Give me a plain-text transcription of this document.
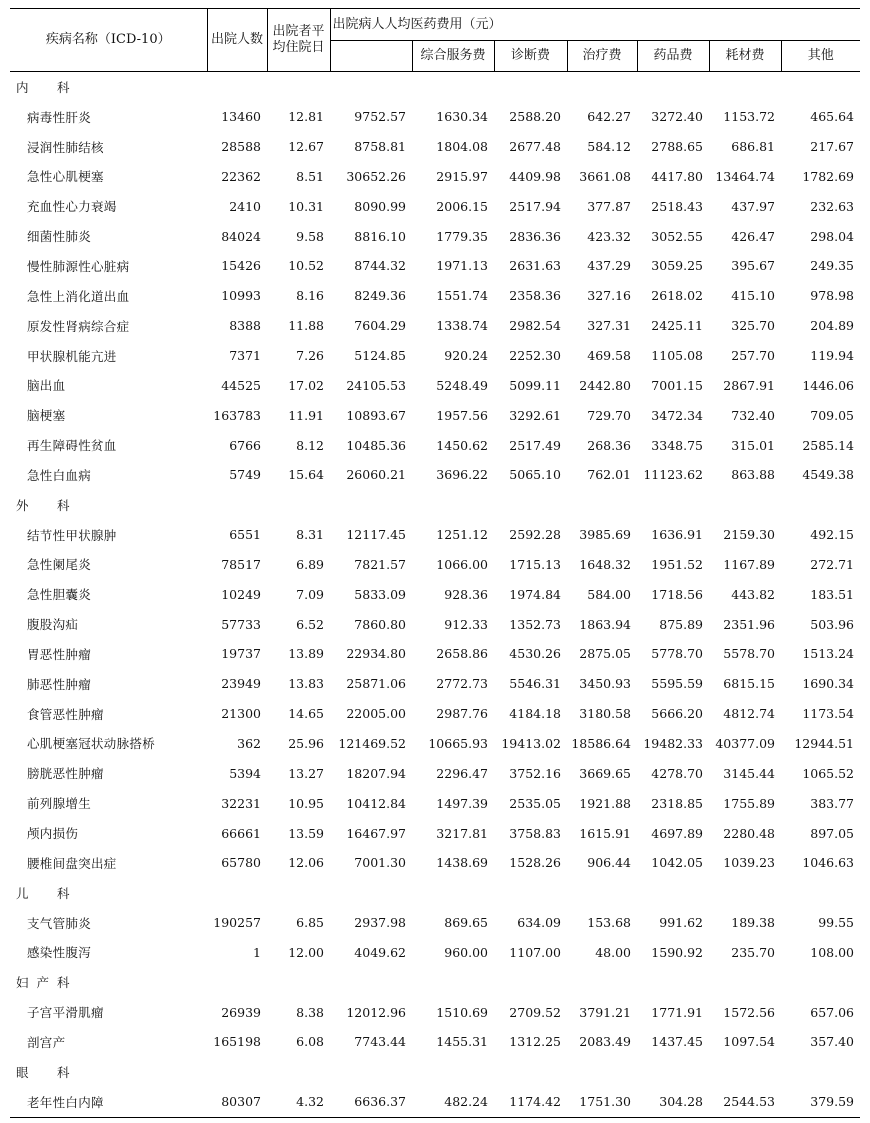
疾病名称（ICD-10）	出院人数	出院者平均住院日	出院病人人均医药费用（元）						
				综合服务费	诊断费	治疗费	药品费	耗材费	其他
内　科									
病毒性肝炎	13460	12.81	9752.57	1630.34	2588.20	642.27	3272.40	1153.72	465.64
浸润性肺结核	28588	12.67	8758.81	1804.08	2677.48	584.12	2788.65	686.81	217.67
急性心肌梗塞	22362	8.51	30652.26	2915.97	4409.98	3661.08	4417.80	13464.74	1782.69
充血性心力衰竭	2410	10.31	8090.99	2006.15	2517.94	377.87	2518.43	437.97	232.63
细菌性肺炎	84024	9.58	8816.10	1779.35	2836.36	423.32	3052.55	426.47	298.04
慢性肺源性心脏病	15426	10.52	8744.32	1971.13	2631.63	437.29	3059.25	395.67	249.35
急性上消化道出血	10993	8.16	8249.36	1551.74	2358.36	327.16	2618.02	415.10	978.98
原发性肾病综合症	8388	11.88	7604.29	1338.74	2982.54	327.31	2425.11	325.70	204.89
甲状腺机能亢进	7371	7.26	5124.85	920.24	2252.30	469.58	1105.08	257.70	119.94
脑出血	44525	17.02	24105.53	5248.49	5099.11	2442.80	7001.15	2867.91	1446.06
脑梗塞	163783	11.91	10893.67	1957.56	3292.61	729.70	3472.34	732.40	709.05
再生障碍性贫血	6766	8.12	10485.36	1450.62	2517.49	268.36	3348.75	315.01	2585.14
急性白血病	5749	15.64	26060.21	3696.22	5065.10	762.01	11123.62	863.88	4549.38
外　科									
结节性甲状腺肿	6551	8.31	12117.45	1251.12	2592.28	3985.69	1636.91	2159.30	492.15
急性阑尾炎	78517	6.89	7821.57	1066.00	1715.13	1648.32	1951.52	1167.89	272.71
急性胆囊炎	10249	7.09	5833.09	928.36	1974.84	584.00	1718.56	443.82	183.51
腹股沟疝	57733	6.52	7860.80	912.33	1352.73	1863.94	875.89	2351.96	503.96
胃恶性肿瘤	19737	13.89	22934.80	2658.86	4530.26	2875.05	5778.70	5578.70	1513.24
肺恶性肿瘤	23949	13.83	25871.06	2772.73	5546.31	3450.93	5595.59	6815.15	1690.34
食管恶性肿瘤	21300	14.65	22005.00	2987.76	4184.18	3180.58	5666.20	4812.74	1173.54
心肌梗塞冠状动脉搭桥	362	25.96	121469.52	10665.93	19413.02	18586.64	19482.33	40377.09	12944.51
膀胱恶性肿瘤	5394	13.27	18207.94	2296.47	3752.16	3669.65	4278.70	3145.44	1065.52
前列腺增生	32231	10.95	10412.84	1497.39	2535.05	1921.88	2318.85	1755.89	383.77
颅内损伤	66661	13.59	16467.97	3217.81	3758.83	1615.91	4697.89	2280.48	897.05
腰椎间盘突出症	65780	12.06	7001.30	1438.69	1528.26	906.44	1042.05	1039.23	1046.63
儿　科									
支气管肺炎	190257	6.85	2937.98	869.65	634.09	153.68	991.62	189.38	99.55
感染性腹泻	1	12.00	4049.62	960.00	1107.00	48.00	1590.92	235.70	108.00
妇产科									
子宫平滑肌瘤	26939	8.38	12012.96	1510.69	2709.52	3791.21	1771.91	1572.56	657.06
剖宫产	165198	6.08	7743.44	1455.31	1312.25	2083.49	1437.45	1097.54	357.40
眼　科									
老年性白内障	80307	4.32	6636.37	482.24	1174.42	1751.30	304.28	2544.53	379.59
